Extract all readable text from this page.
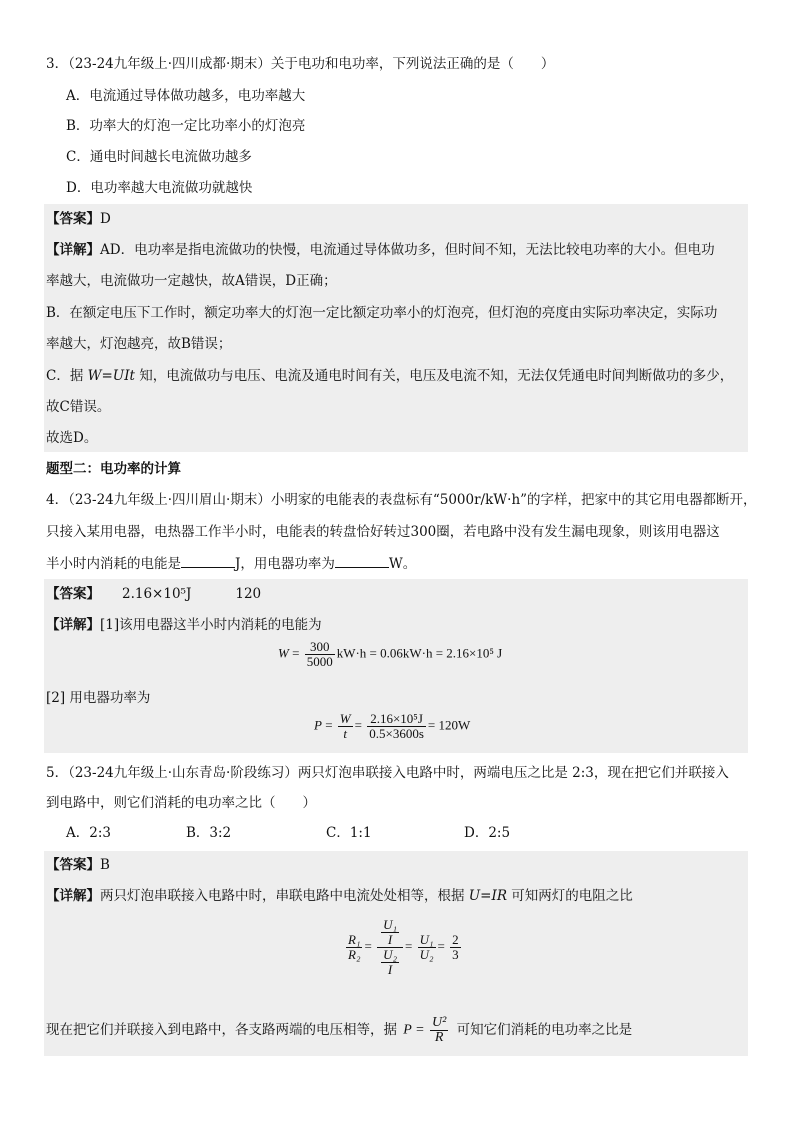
3．（23-24九年级上·四川成都·期末）关于电功和电功率，下列说法正确的是（　　）
A．电流通过导体做功越多，电功率越大
B．功率大的灯泡一定比功率小的灯泡亮
C．通电时间越长电流做功越多
D．电功率越大电流做功就越快
【答案】D
【详解】AD．电功率是指电流做功的快慢，电流通过导体做功多，但时间不知，无法比较电功率的大小。但电功
率越大，电流做功一定越快，故A错误，D正确；
B．在额定电压下工作时，额定功率大的灯泡一定比额定功率小的灯泡亮，但灯泡的亮度由实际功率决定，实际功
率越大，灯泡越亮，故B错误；
C．据 W=UIt 知，电流做功与电压、电流及通电时间有关，电压及电流不知，无法仅凭通电时间判断做功的多少，
故C错误。
故选D。
题型二：电功率的计算
4．（23-24九年级上·四川眉山·期末）小明家的电能表的表盘标有“5000r/kW·h”的字样，把家中的其它用电器都断开，
只接入某用电器，电热器工作半小时，电能表的转盘恰好转过300圈，若电路中没有发生漏电现象，则该用电器这
半小时内消耗的电能是	J，用电器功率为	W。
【答案】 2.16×10⁵J	120
【详解】[1]该用电器这半小时内消耗的电能为
$W = \frac{300}{5000} kW\cdot h = 0.06kW\cdot h = 2.16\times 10^5$ J
[2] 用电器功率为
$P = \frac{W}{t} = \frac{\text{2.16×10⁵J}}{0.5\times 3600s} = 120W$
5．（23-24九年级上·山东青岛·阶段练习）两只灯泡串联接入电路中时，两端电压之比是 2:3，现在把它们并联接入
到电路中，则它们消耗的电功率之比（　　）
A．2:3	B．3:2	C．1:1	D．2:5
【答案】B
【详解】两只灯泡串联接入电路中时，串联电路中电流处处相等，根据 U=IR 可知两灯的电阻之比
$\frac{\text{R₁}}{\text{R₂}} = \frac{\frac{\text{U₁}}{I}}{\frac{\text{U₂}}{I}} = \frac{\text{U₁}}{\text{U₂}} = \frac{2}{3}$
现在把它们并联接入到电路中，各支路两端的电压相等，据 $P = \frac{\text{U²}}{R}$ 可知它们消耗的电功率之比是
